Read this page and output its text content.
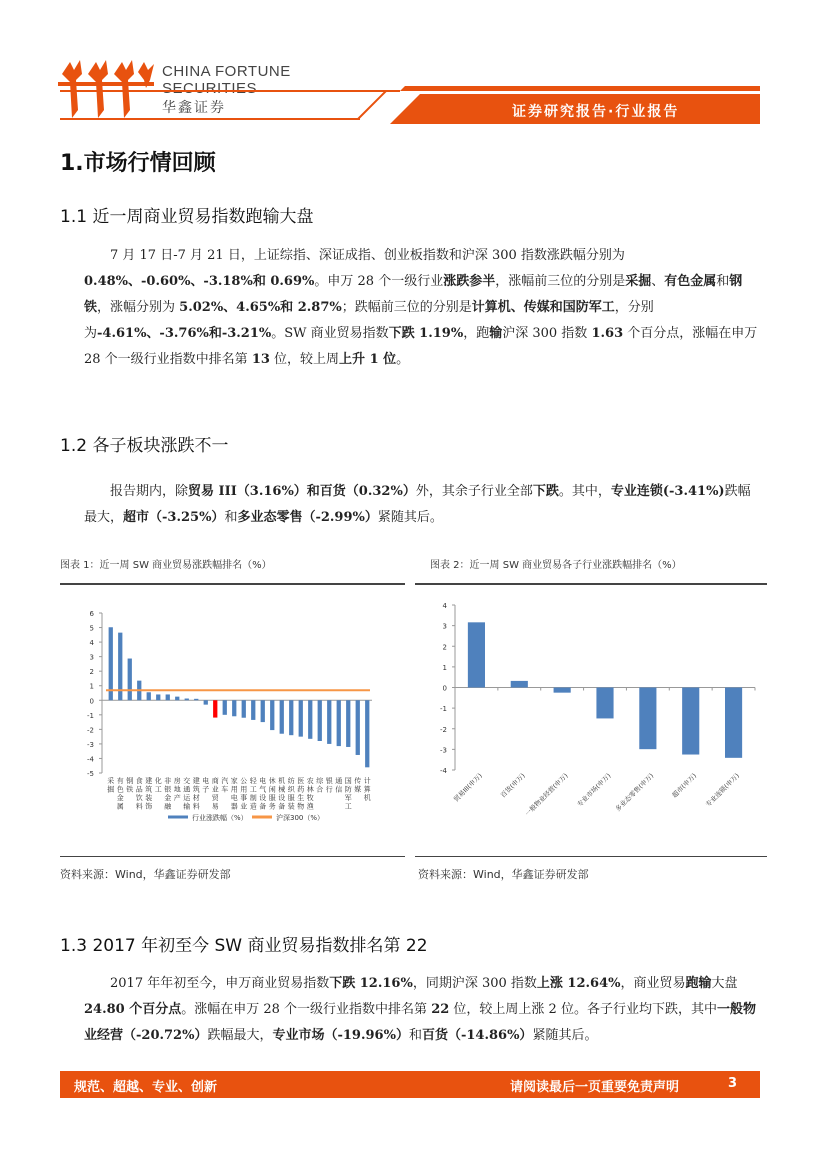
CHINA FORTUNE
SECURITIES
华鑫证券	证券研究报告·行业报告
1.市场行情回顾
1.1 近一周商业贸易指数跑输大盘
7 月 17 日-7 月 21 日，上证综指、深证成指、创业板指数和沪深 300 指数涨跌幅分别为 0.48%、-0.60%、-3.18%和 0.69%。申万 28 个一级行业涨跌参半，涨幅前三位的分别是采掘、有色金属和钢铁，涨幅分别为 5.02%、4.65%和 2.87%；跌幅前三位的分别是计算机、传媒和国防军工，分别为-4.61%、-3.76%和-3.21%。SW 商业贸易指数下跌 1.19%，跑输沪深 300 指数 1.63 个百分点，涨幅在申万 28 个一级行业指数中排名第 13 位，较上周上升 1 位。
1.2 各子板块涨跌不一
报告期内，除贸易 III（3.16%）和百货（0.32%）外，其余子行业全部下跌。其中，专业连锁(-3.41%)跌幅最大，超市（-3.25%）和多业态零售（-2.99%）紧随其后。
图表 1：近一周 SW 商业贸易涨跌幅排名（%）
-5
-4
-3
-2
-1
0
1
2
3
4
5
6
采掘
有色金属
钢铁
食品饮料
建筑装饰
化工
非银金融
房地产
交通运输
建筑材料
电子
商业贸易
汽车
家用电器
公用事业
轻工制造
电气设备
休闲服务
机械设备
纺织服装
医药生物
农林牧渔
综合
银行
通信
国防军工
传媒
计算机
行业涨跌幅（%）	沪深300（%）
资料来源：Wind，华鑫证券研发部
图表 2：近一周 SW 商业贸易各子行业涨跌幅排名（%）
-4
-3
-2
-1
0
1
2
3
4
贸易III(申万) 百货(申万)
一般物业经营(申万) 专业市场(申万) 多业态零售(申万) 超市(申万) 专业连锁(申万)
资料来源：Wind，华鑫证券研发部
1.3 2017 年初至今 SW 商业贸易指数排名第 22
2017 年年初至今，申万商业贸易指数下跌 12.16%，同期沪深 300 指数上涨 12.64%，商业贸易跑输大盘 24.80 个百分点。涨幅在申万 28 个一级行业指数中排名第 22 位，较上周上涨 2 位。各子行业均下跌，其中一般物业经营（-20.72%）跌幅最大，专业市场（-19.96%）和百货（-14.86%）紧随其后。
规范、超越、专业、创新	请阅读最后一页重要免责声明	3
